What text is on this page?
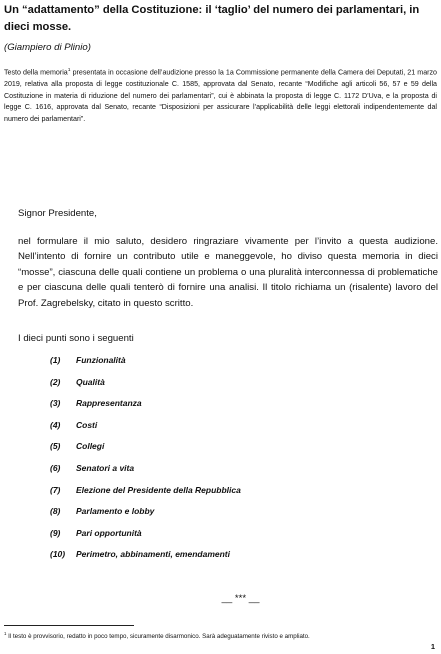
Un “adattamento” della Costituzione: il ‘taglio’ del numero dei parlamentari, in dieci mosse.

(Giampiero di Plinio)

Testo della memoria$^1$ presentata in occasione dell’audizione presso la 1a Commissione permanente della Camera dei Deputati, 21 marzo 2019, relativa alla proposta di legge costituzionale C. 1585, approvata dal Senato, recante “Modifiche agli articoli 56, 57 e 59 della Costituzione in materia di riduzione del numero dei parlamentari”, cui è abbinata la proposta di legge C. 1172 D’Uva, e la proposta di legge C. 1616, approvata dal Senato, recante “Disposizioni per assicurare l’applicabilità delle leggi elettorali indipendentemente dal numero dei parlamentari”.

Signor Presidente,

nel formulare il mio saluto, desidero ringraziare vivamente per l’invito a questa audizione. Nell’intento di fornire un contributo utile e maneggevole, ho diviso questa memoria in dieci “mosse”, ciascuna delle quali contiene un problema o una pluralità interconnessa di problematiche e per ciascuna delle quali tenterò di fornire una analisi. Il titolo richiama un (risalente) lavoro del Prof. Zagrebelsky, citato in questo scritto.

I dieci punti sono i seguenti

(1) Funzionalità
(2) Qualità
(3) Rappresentanza
(4) Costi
(5) Collegi
(6) Senatori a vita
(7) Elezione del Presidente della Repubblica
(8) Parlamento e lobby
(9) Pari opportunità
(10) Perimetro, abbinamenti, emendamenti
__ *** __

$^1$ Il testo è provvisorio, redatto in poco tempo, sicuramente disarmonico. Sarà adeguatamente rivisto e ampliato.

1
